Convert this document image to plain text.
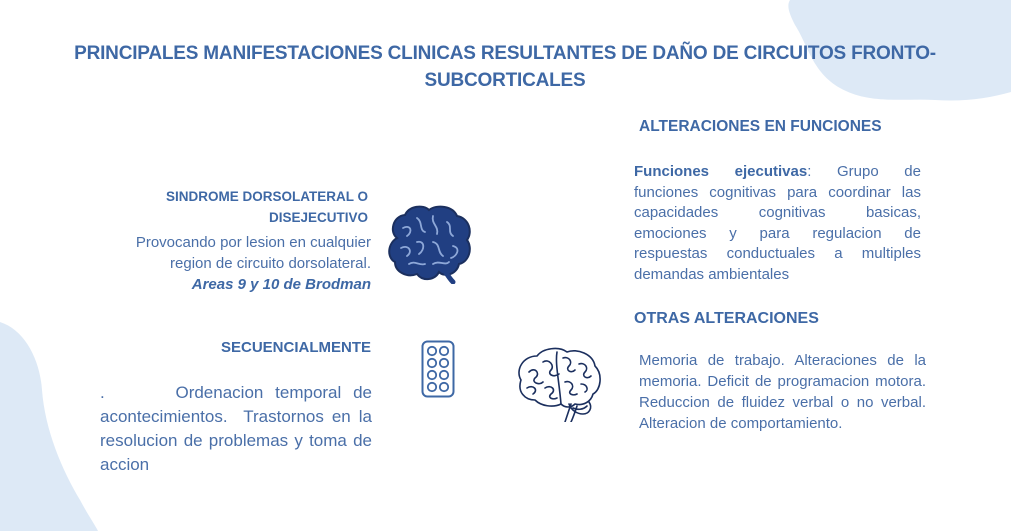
PRINCIPALES MANIFESTACIONES CLINICAS RESULTANTES DE DAÑO DE CIRCUITOS FRONTO-SUBCORTICALES
SINDROME DORSOLATERAL O
DISEJECUTIVO
Provocando por lesion en cualquier
region de circuito dorsolateral.
Areas 9 y 10 de Brodman
SECUENCIALMENTE
.      Ordenacion temporal de acontecimientos.  Trastornos en la resolucion de problemas y toma de accion
ALTERACIONES EN FUNCIONES
Funciones ejecutivas: Grupo de funciones cognitivas para coordinar las capacidades cognitivas basicas, emociones y para regulacion de respuestas conductuales a multiples demandas ambientales
OTRAS ALTERACIONES
Memoria de trabajo. Alteraciones de la memoria. Deficit de programacion motora. Reduccion de fluidez verbal o no verbal. Alteracion de comportamiento.
